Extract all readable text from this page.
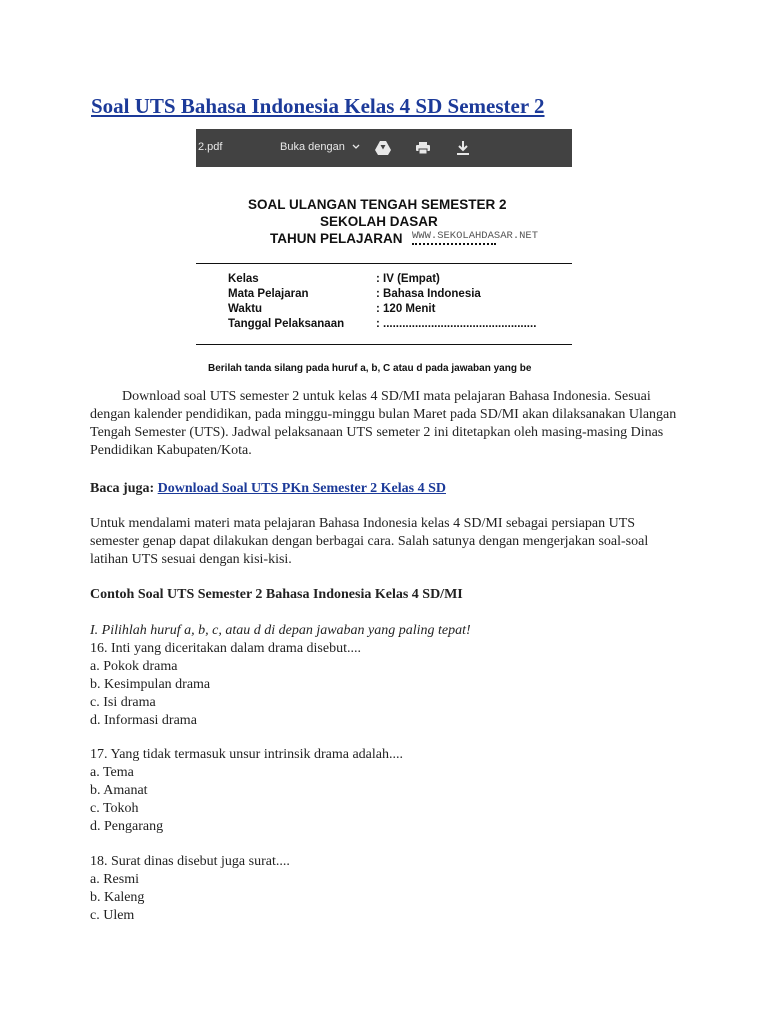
Soal UTS Bahasa Indonesia Kelas 4 SD Semester 2
2.pdf	Buka dengan
SOAL ULANGAN TENGAH SEMESTER 2
SEKOLAH DASAR
TAHUN PELAJARAN WWW.SEKOLAHDASAR.NET
Kelas	: IV (Empat)
Mata Pelajaran	: Bahasa Indonesia
Waktu	: 120 Menit
Tanggal Pelaksanaan	: ................................................
Berilah tanda silang pada huruf a, b, C atau d pada jawaban yang be

Download soal UTS semester 2 untuk kelas 4 SD/MI mata pelajaran Bahasa Indonesia. Sesuai dengan kalender pendidikan, pada minggu-minggu bulan Maret pada SD/MI akan dilaksanakan Ulangan Tengah Semester (UTS). Jadwal pelaksanaan UTS semeter 2 ini ditetapkan oleh masing-masing Dinas Pendidikan Kabupaten/Kota.

Baca juga: Download Soal UTS PKn Semester 2 Kelas 4 SD

Untuk mendalami materi mata pelajaran Bahasa Indonesia kelas 4 SD/MI sebagai persiapan UTS semester genap dapat dilakukan dengan berbagai cara. Salah satunya dengan mengerjakan soal-soal latihan UTS sesuai dengan kisi-kisi.

Contoh Soal UTS Semester 2 Bahasa Indonesia Kelas 4 SD/MI

I. Pilihlah huruf a, b, c, atau d di depan jawaban yang paling tepat!

16. Inti yang diceritakan dalam drama disebut....
a. Pokok drama
b. Kesimpulan drama
c. Isi drama
d. Informasi drama
17. Yang tidak termasuk unsur intrinsik drama adalah....
a. Tema
b. Amanat
c. Tokoh
d. Pengarang
18. Surat dinas disebut juga surat....
a. Resmi
b. Kaleng
c. Ulem
